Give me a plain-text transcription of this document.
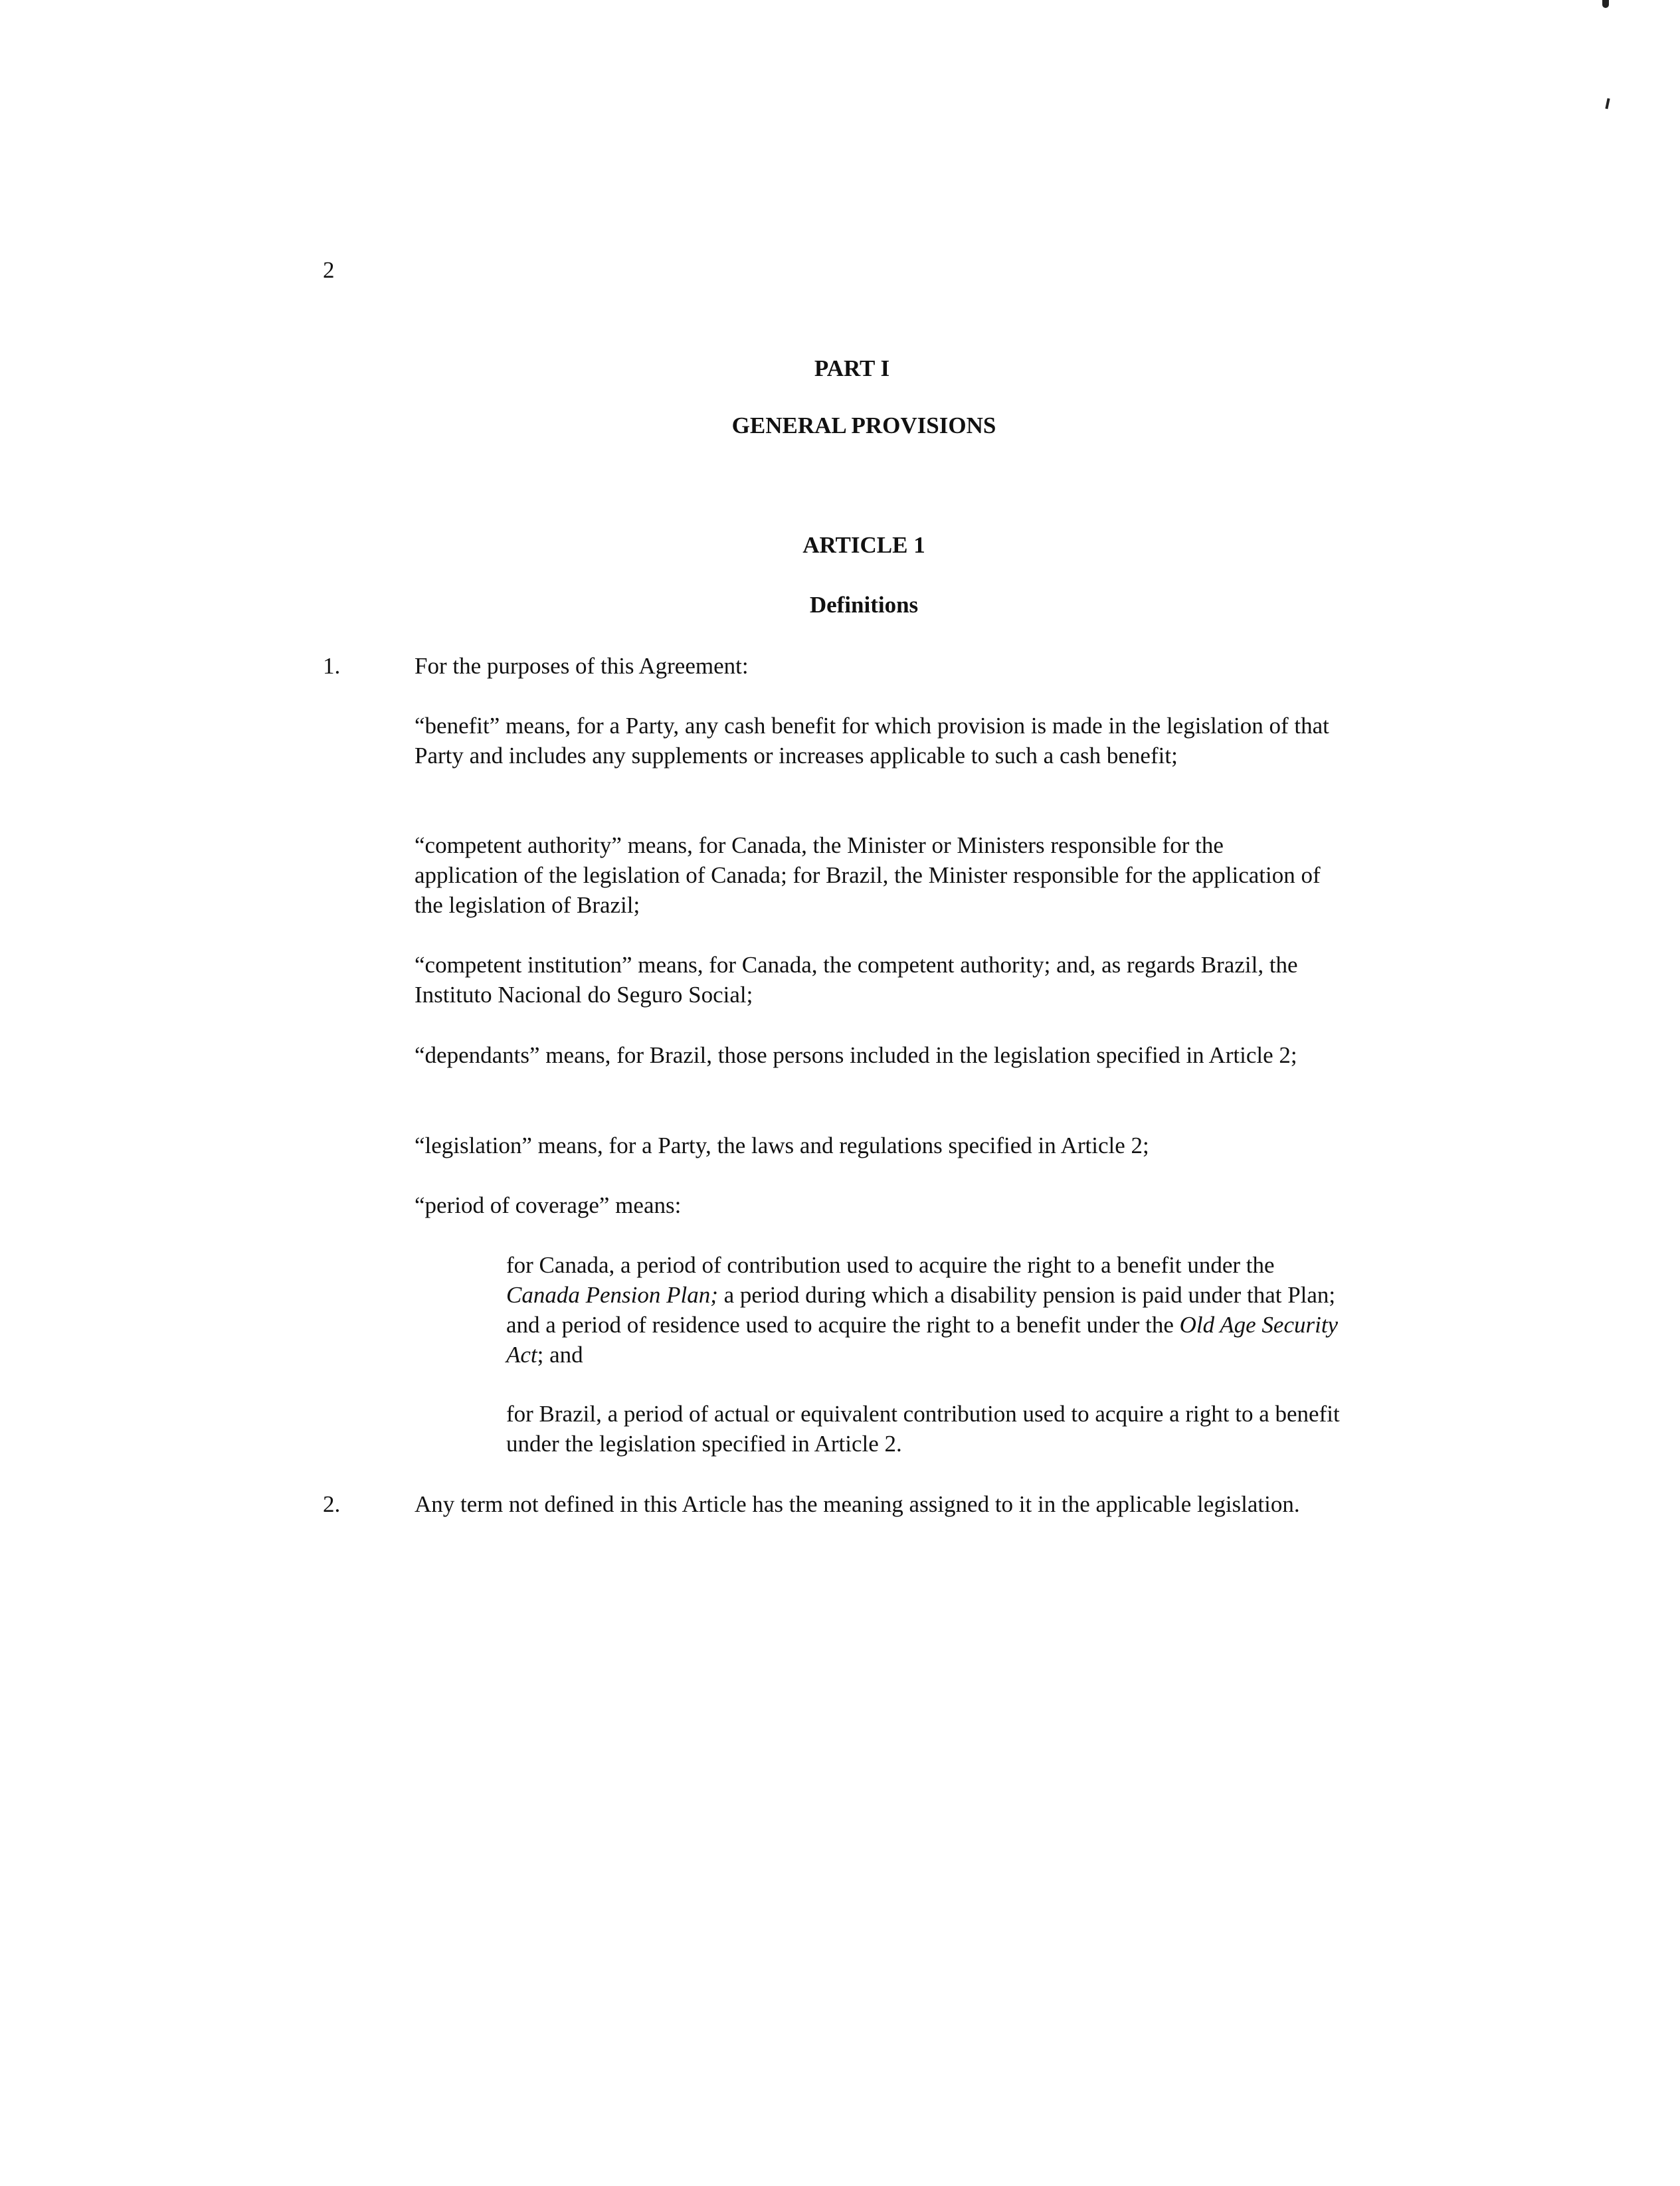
2
PART I
GENERAL PROVISIONS
ARTICLE 1
Definitions
1.	For the purposes of this Agreement:

“benefit” means, for a Party, any cash benefit for which provision is made in the legislation of that Party and includes any supplements or increases applicable to such a cash benefit;

“competent authority” means, for Canada, the Minister or Ministers responsible for the application of the legislation of Canada; for Brazil, the Minister responsible for the application of the legislation of Brazil;

“competent institution” means, for Canada, the competent authority; and, as regards Brazil, the Instituto Nacional do Seguro Social;

“dependants” means, for Brazil, those persons included in the legislation specified in Article 2;

“legislation” means, for a Party, the laws and regulations specified in Article 2;

“period of coverage” means:

for Canada, a period of contribution used to acquire the right to a benefit under the Canada Pension Plan; a period during which a disability pension is paid under that Plan; and a period of residence used to acquire the right to a benefit under the Old Age Security Act; and

for Brazil, a period of actual or equivalent contribution used to acquire a right to a benefit under the legislation specified in Article 2.

2.	Any term not defined in this Article has the meaning assigned to it in the applicable legislation.
